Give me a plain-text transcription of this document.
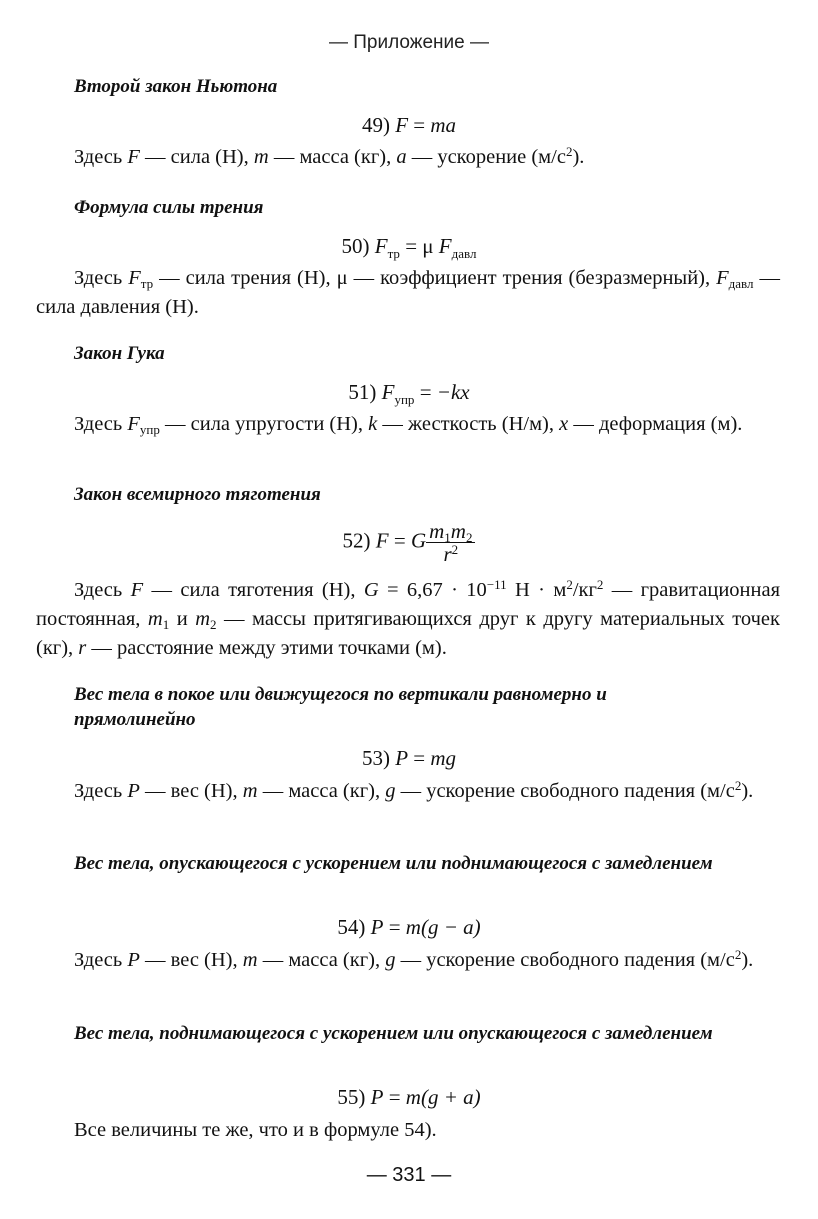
— Приложение —
Второй закон Ньютона
49) F = ma
Здесь F — сила (Н), m — масса (кг), a — ускорение $(м/с^2)$.
Формула силы трения
50) $F_{тр} = \mu$ $F_{давл}$
Здесь $F_{тр}$ — сила трения (Н), μ — коэффициент трения (безразмерный), $F_{давл}$ — сила давления (Н).
Закон Гука
51) $F_{упр} = -kx$
Здесь $F_{упр}$ — сила упругости (Н), k — жесткость (Н/м), x — деформация (м).
Закон всемирного тяготения
52) F = G $\frac{m_1m_2}{r^2}$
Здесь F — сила тяготения (Н), $G = 6,67 \cdot 10^{-11}$ $Н \cdot м^2/кг^2$ — гравитационная постоянная, $m_1$ и $m_2$ — массы притягивающихся друг к другу материальных точек (кг), r — расстояние между этими точками (м).
Вес тела в покое или движущегося по вертикали равномерно и прямолинейно
53) P = mg
Здесь P — вес (Н), m — масса (кг), g — ускорение свободного падения $(м/с^2)$.
Вес тела, опускающегося с ускорением или поднимающегося с замедлением
54) P = m(g − a)
Здесь P — вес (Н), m — масса (кг), g — ускорение свободного падения $(м/с^2)$.
Вес тела, поднимающегося с ускорением или опускающегося с замедлением
55) P = m(g + a)
Все величины те же, что и в формуле 54).
— 331 —
